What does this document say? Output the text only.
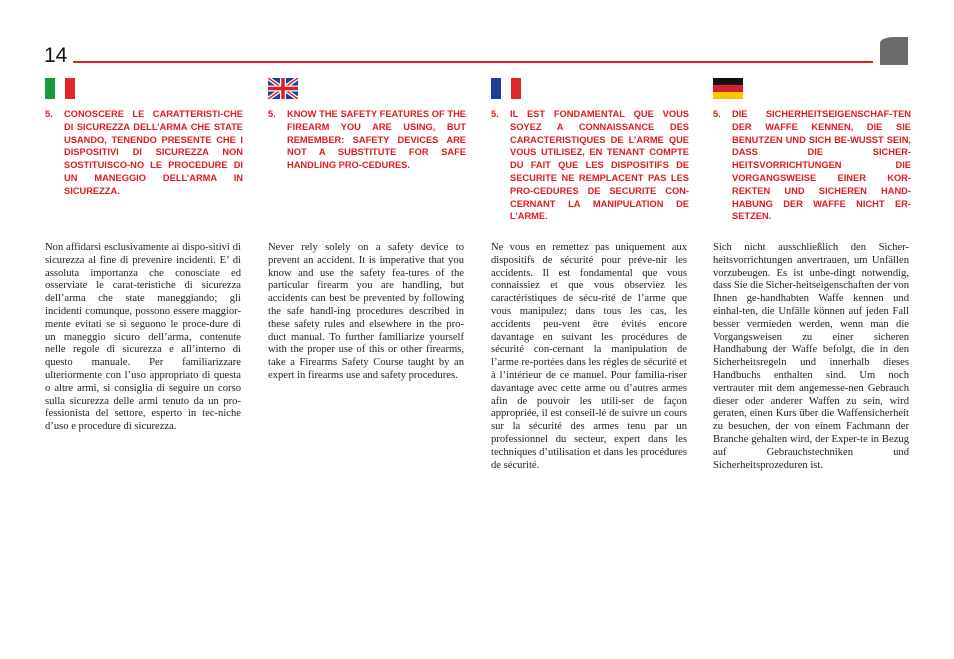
14
5.	CONOSCERE LE CARATTERISTI-CHE DI SICUREZZA DELL’ARMA CHE STATE USANDO, TENENDO PRESENTE CHE I DISPOSITIVI DI SICUREZZA NON SOSTITUISCO-NO LE PROCEDURE DI UN MANEGGIO DELL’ARMA IN SICUREZZA.
Non affidarsi esclusivamente ai dispo-sitivi di sicurezza al fine di prevenire incidenti. E’ di assoluta importanza che conosciate ed osserviate le carat-teristiche di sicurezza dell’arma che state maneggiando; gli incidenti comunque, possono essere maggior-mente evitati se si seguono le proce-dure di un maneggio sicuro dell’arma, contenute nelle regole di sicurezza e all’interno di questo manuale. Per familiarizzare ulteriormente con l’uso appropriato di questa o altre armi, si consiglia di seguire un corso sulla sicurezza delle armi tenuto da un pro-fessionista del settore, esperto in tec-niche d’uso e procedure di sicurezza.
5.	KNOW THE SAFETY FEATURES OF THE FIREARM YOU ARE USING, BUT REMEMBER: SAFETY DEVICES ARE NOT A SUBSTITUTE FOR SAFE HANDLING PRO-CEDURES.
Never rely solely on a safety device to prevent an accident. It is imperative that you know and use the safety fea-tures of the particular firearm you are handling, but accidents can best be prevented by following the safe handl-ing procedures described in these safety rules and elsewhere in the pro-duct manual. To further familiarize yourself with the proper use of this or other firearms, take a Firearms Safety Course taught by an expert in firearms use and safety procedures.
5.	IL EST FONDAMENTAL QUE VOUS SOYEZ A CONNAISSANCE DES CARACTERISTIQUES DE L’ARME QUE VOUS UTILISEZ, EN TENANT COMPTE DU FAIT QUE LES DISPOSITIFS DE SECURITE NE REMPLACENT PAS LES PRO-CEDURES DE SECURITE CON-CERNANT LA MANIPULATION DE L’ARME.
Ne vous en remettez pas uniquement aux dispositifs de sécurité pour préve-nir les accidents. Il est fondamental que vous connaissiez et que vous observiez les caractéristiques de sécu-rité de l’arme que vous manipulez; dans tous les cas, les accidents peu-vent être évités encore davantage en suivant les procédures de sécurité con-cernant la manipulation de l’arme re-portées dans les règles de sécurité et à l’intérieur de ce manuel. Pour familia-riser davantage avec cette arme ou d’autres armes afin de pouvoir les utili-ser de façon appropriée, il est conseil-lé de suivre un cours sur la sécurité des armes tenu par un professionnel du secteur, expert dans les techniques d’utilisation et dans les procédures de sécurité.
5.	DIE SICHERHEITSEIGENSCHAF-TEN DER WAFFE KENNEN, DIE SIE BENUTZEN UND SICH BE-WUSST SEIN, DASS DIE SICHER-HEITSVORRICHTUNGEN DIE VORGANGSWEISE EINER KOR-REKTEN UND SICHEREN HAND-HABUNG DER WAFFE NICHT ER-SETZEN.
Sich nicht ausschließlich den Sicher-heitsvorrichtungen anvertrauen, um Unfällen vorzubeugen. Es ist unbe-dingt notwendig, dass Sie die Sicher-heitseigenschaften der von Ihnen ge-handhabten Waffe kennen und einhal-ten, die Unfälle können auf jeden Fall besser vermieden werden, wenn man die Vorgangsweisen zu einer sicheren Handhabung der Waffe befolgt, die in den Sicherheitsregeln und innerhalb dieses Handbuchs enthalten sind. Um noch vertrauter mit dem angemesse-nen Gebrauch dieser oder anderer Waffen zu sein, wird geraten, einen Kurs über die Waffensicherheit zu besuchen, der von einem Fachmann der Branche gehalten wird, der Exper-te in Bezug auf Gebrauchstechniken und Sicherheitsprozeduren ist.
